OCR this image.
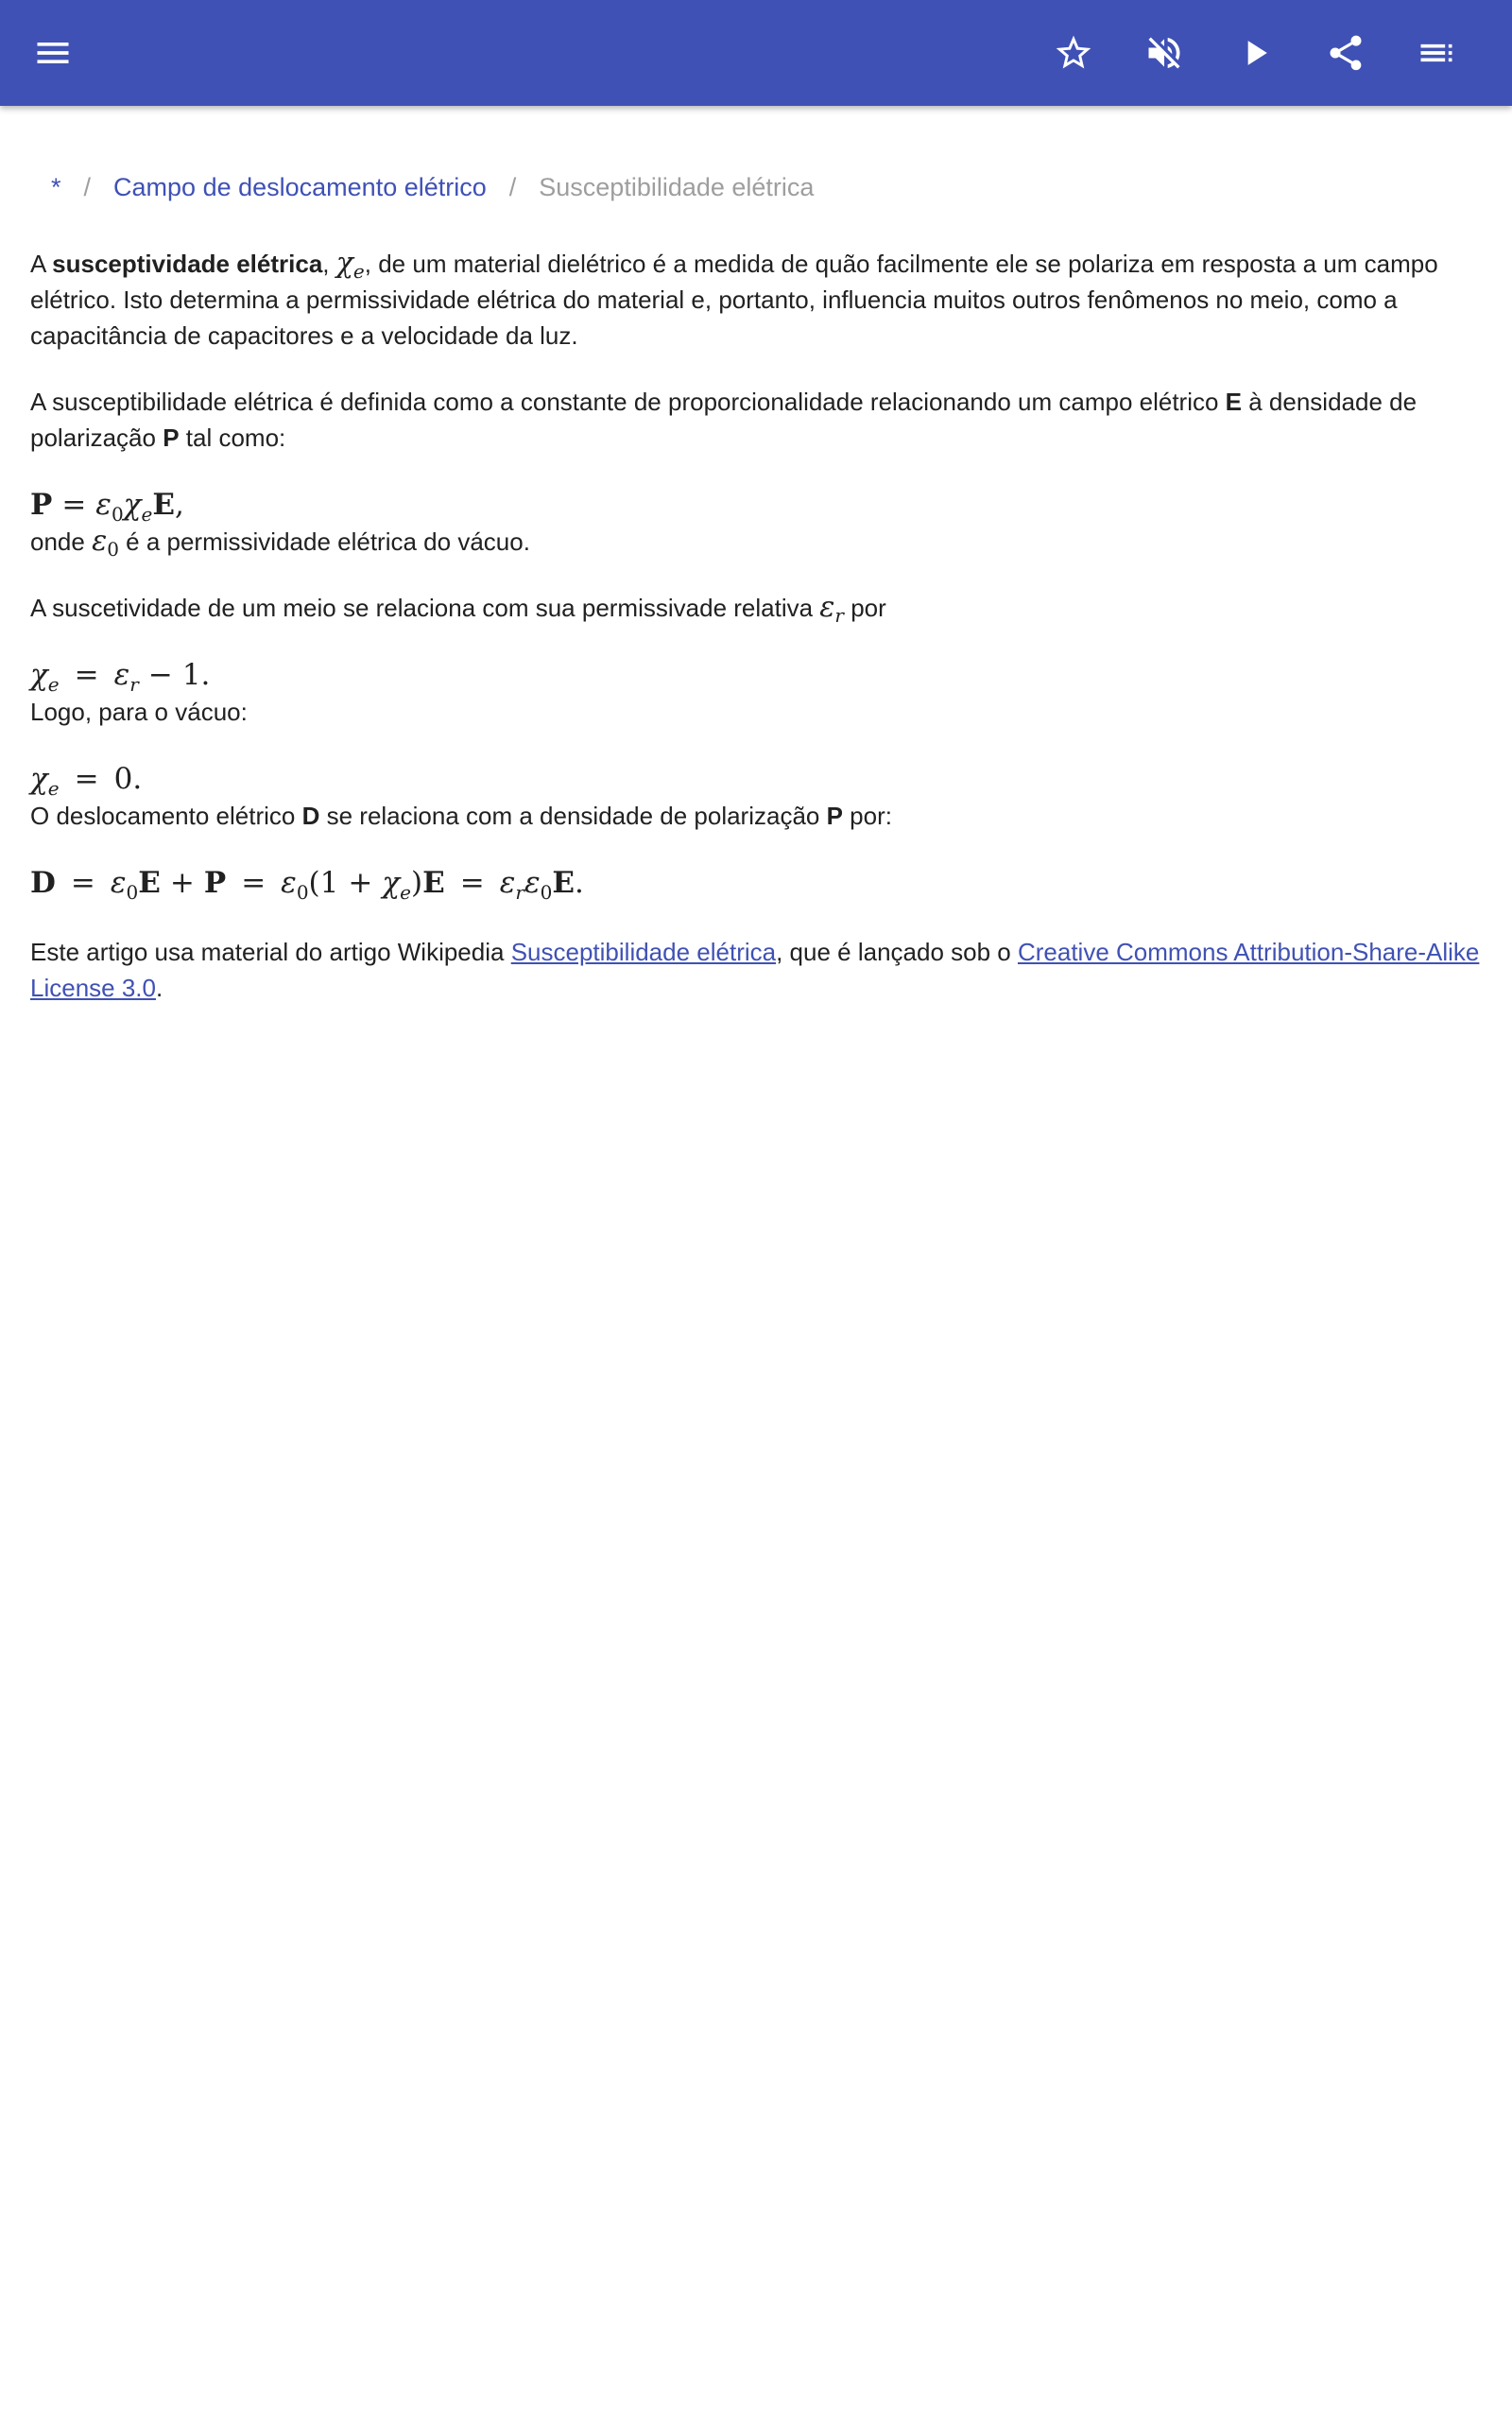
* / Campo de deslocamento elétrico / Susceptibilidade elétrica

A susceptividade elétrica, $\chi_e$, de um material dielétrico é a medida de quão facilmente ele se polariza em resposta a um campo elétrico. Isto determina a permissividade elétrica do material e, portanto, influencia muitos outros fenômenos no meio, como a capacitância de capacitores e a velocidade da luz.

A susceptibilidade elétrica é definida como a constante de proporcionalidade relacionando um campo elétrico E à densidade de polarização P tal como:

$P = \varepsilon_0\chi_eE$,

onde $\varepsilon_0$ é a permissividade elétrica do vácuo.

A suscetividade de um meio se relaciona com sua permissivade relativa $\varepsilon_r$ por

$\chi_e = \varepsilon_r - 1$.

Logo, para o vácuo:

$\chi_e = 0$.

O deslocamento elétrico D se relaciona com a densidade de polarização P por:

$D = \varepsilon_0E + P = \varepsilon_0(1 + \chi_e)E = \varepsilon_r\varepsilon_0E$.

Este artigo usa material do artigo Wikipedia Susceptibilidade elétrica, que é lançado sob o Creative Commons Attribution-Share-Alike License 3.0.
